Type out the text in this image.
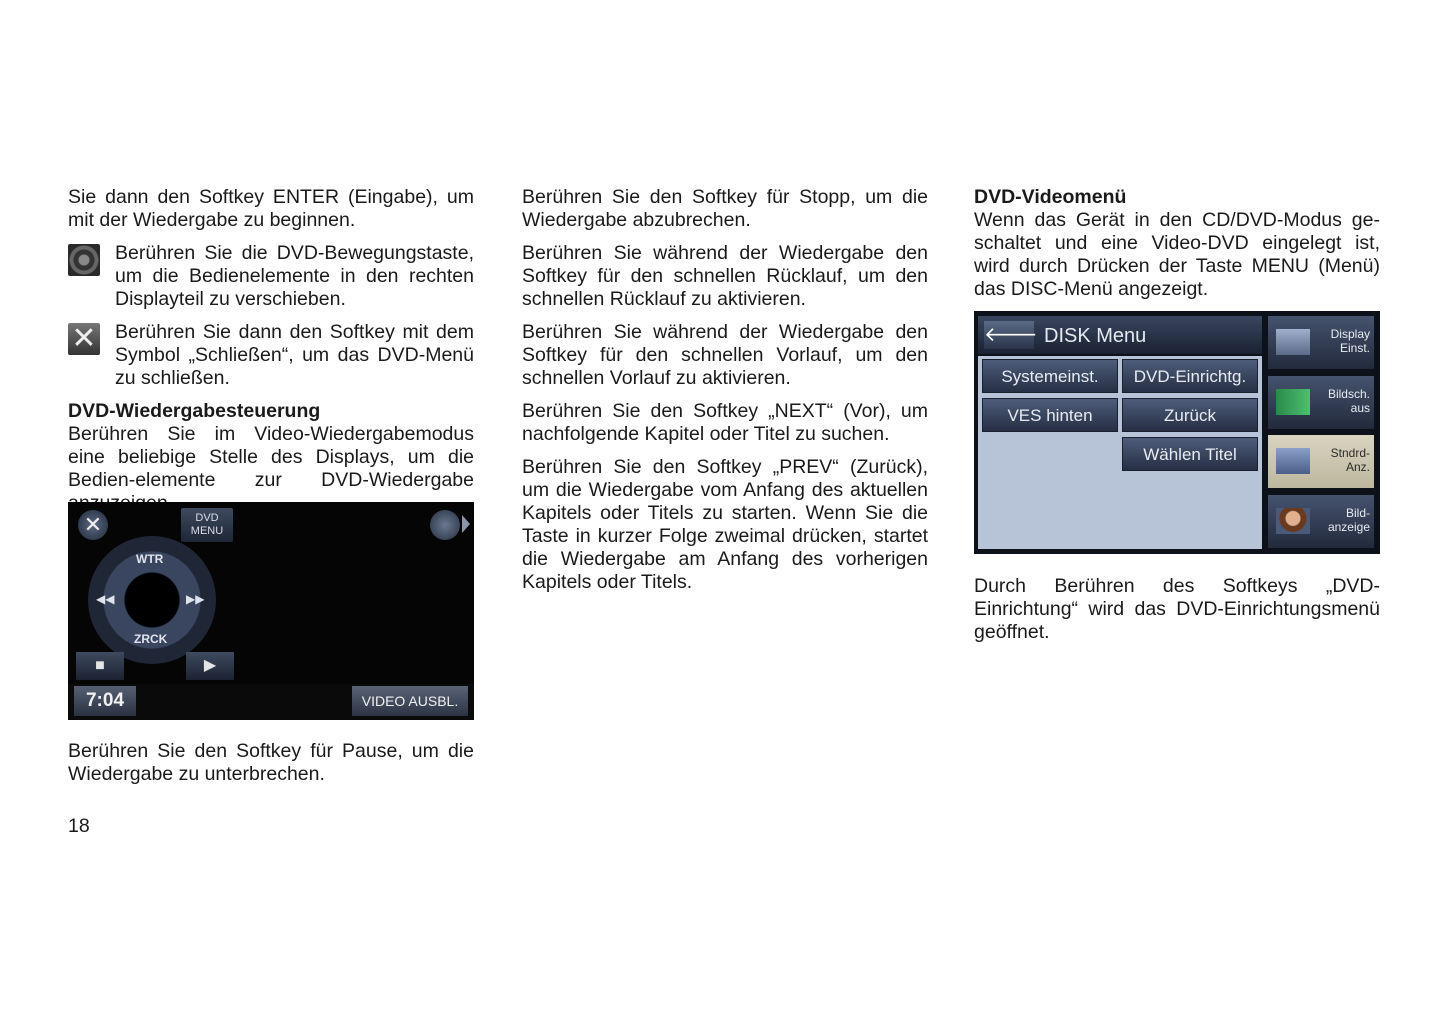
Sie dann den Softkey ENTER (Eingabe), um mit der Wiedergabe zu beginnen.

Berühren Sie die DVD-Bewegungstaste, um die Bedienelemente in den rechten Displayteil zu verschieben.

✕ Berühren Sie dann den Softkey mit dem Symbol „Schließen“, um das DVD-Menü zu schließen.

DVD-Wiedergabesteuerung

Berühren Sie im Video-Wiedergabemodus eine beliebige Stelle des Displays, um die Bedien-elemente zur DVD-Wiedergabe

✕	DVD
MENU
WTR
ZRCK
◀◀	▶▶
■	▶
7:04	VIDEO AUSBL.

Berühren Sie den Softkey für Pause, um die Wiedergabe zu unterbrechen.

Berühren Sie den Softkey für Stopp, um die Wiedergabe abzubrechen.

Berühren Sie während der Wiedergabe den Softkey für den schnellen Rücklauf, um den schnellen Rücklauf zu aktivieren.

Berühren Sie während der Wiedergabe den Softkey für den schnellen Vorlauf, um den schnellen Vorlauf zu aktivieren.

Berühren Sie den Softkey „NEXT“ (Vor), um nachfolgende Kapitel oder Titel zu suchen.

Berühren Sie den Softkey „PREV“ (Zurück), um die Wiedergabe vom Anfang des aktuellen Kapitels oder Titels zu starten. Wenn Sie die Taste in kurzer Folge zweimal drücken, startet die Wiedergabe am Anfang des vorherigen Kapitels oder Titels.

DVD-Videomenü

Wenn das Gerät in den CD/DVD-Modus ge-schaltet und eine Video-DVD eingelegt ist, wird durch Drücken der Taste MENU (Menü) das DISC-Menü angezeigt.

🡐 DISK Menu
Systemeinst.	DVD-Einrichtg.
VES hinten	Zurück
Wählen Titel
Display
Einst.
Bildsch.
aus
Stndrd-
Anz.
Bild-
anzeige

Durch Berühren des Softkeys „DVD-Einrichtung“ wird das DVD-Einrichtungsmenü geöffnet.

18
